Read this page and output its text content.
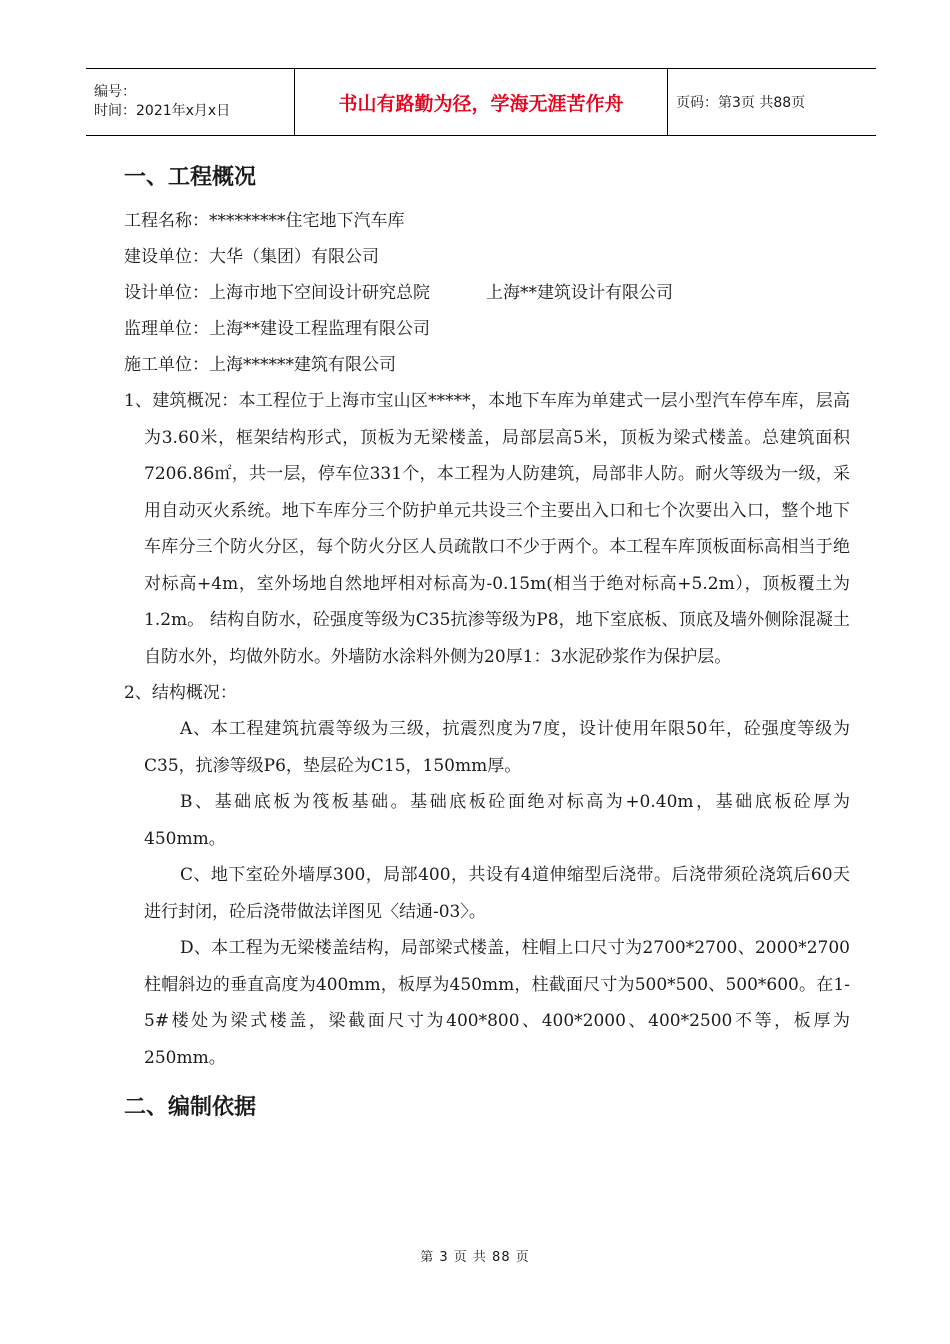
编号：
时间：2021年x月x日	书山有路勤为径，学海无涯苦作舟	页码：第3页 共88页
一、工程概况
工程名称：*********住宅地下汽车库
建设单位：大华（集团）有限公司
设计单位：上海市地下空间设计研究总院	上海**建筑设计有限公司
监理单位：上海**建设工程监理有限公司
施工单位：上海******建筑有限公司

1、建筑概况：本工程位于上海市宝山区*****，本地下车库为单建式一层小型汽车停车库，层高为3.60米，框架结构形式，顶板为无梁楼盖，局部层高5米，顶板为梁式楼盖。总建筑面积7206.86㎡，共一层，停车位331个，本工程为人防建筑，局部非人防。耐火等级为一级，采用自动灭火系统。地下车库分三个防护单元共设三个主要出入口和七个次要出入口，整个地下车库分三个防火分区，每个防火分区人员疏散口不少于两个。本工程车库顶板面标高相当于绝对标高+4m，室外场地自然地坪相对标高为-0.15m(相当于绝对标高+5.2m），顶板覆土为1.2m。 结构自防水，砼强度等级为C35抗渗等级为P8，地下室底板、顶底及墙外侧除混凝土自防水外，均做外防水。外墙防水涂料外侧为20厚1：3水泥砂浆作为保护层。

2、结构概况：

A、本工程建筑抗震等级为三级，抗震烈度为7度，设计使用年限50年，砼强度等级为C35，抗渗等级P6，垫层砼为C15，150mm厚。

B、基础底板为筏板基础。基础底板砼面绝对标高为+0.40m，基础底板砼厚为450mm。

C、地下室砼外墙厚300，局部400，共设有4道伸缩型后浇带。后浇带须砼浇筑后60天进行封闭，砼后浇带做法详图见〈结通-03〉。

D、本工程为无梁楼盖结构，局部梁式楼盖，柱帽上口尺寸为2700*2700、2000*2700柱帽斜边的垂直高度为400mm，板厚为450mm，柱截面尺寸为500*500、500*600。在1-5#楼处为梁式楼盖，梁截面尺寸为400*800、400*2000、400*2500不等，板厚为250mm。

二、编制依据
第 3 页 共 88 页
